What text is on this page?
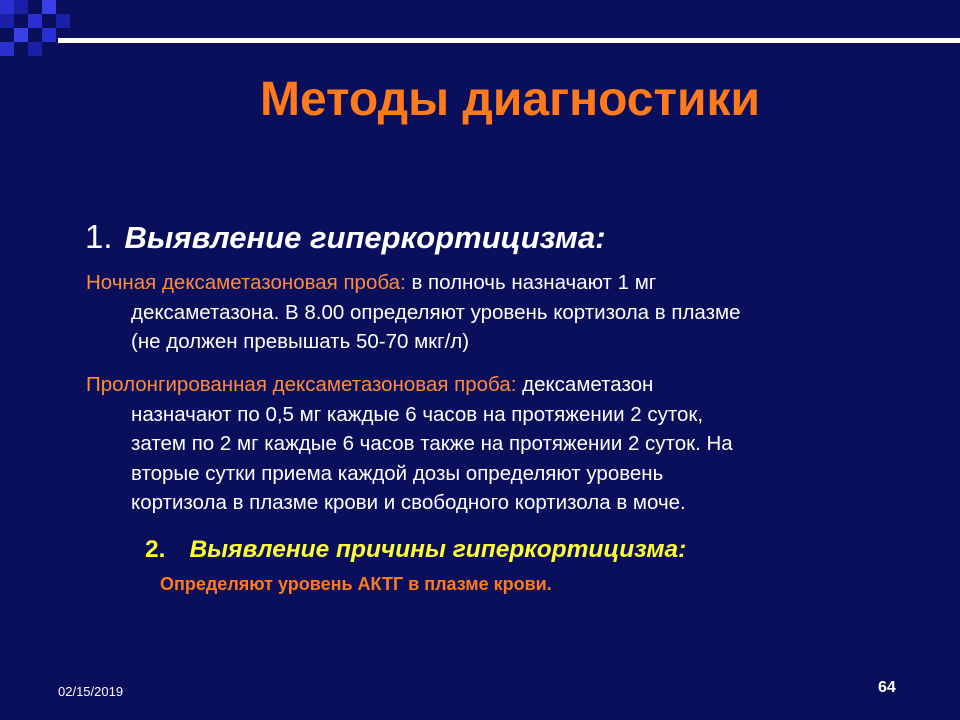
Методы диагностики
1. Выявление гиперкортицизма:
Ночная дексаметазоновая проба: в полночь назначают 1 мг
дексаметазона. В 8.00 определяют уровень кортизола в плазме
(не должен превышать 50-70 мкг/л)
Пролонгированная дексаметазоновая проба: дексаметазон
назначают по 0,5 мг каждые 6 часов на протяжении 2 суток,
затем по 2 мг каждые 6 часов также на протяжении 2 суток. На
вторые сутки приема каждой дозы определяют уровень
кортизола в плазме крови и свободного кортизола в моче.
2. Выявление причины гиперкортицизма:
Определяют уровень АКТГ в плазме крови.
02/15/2019	64
